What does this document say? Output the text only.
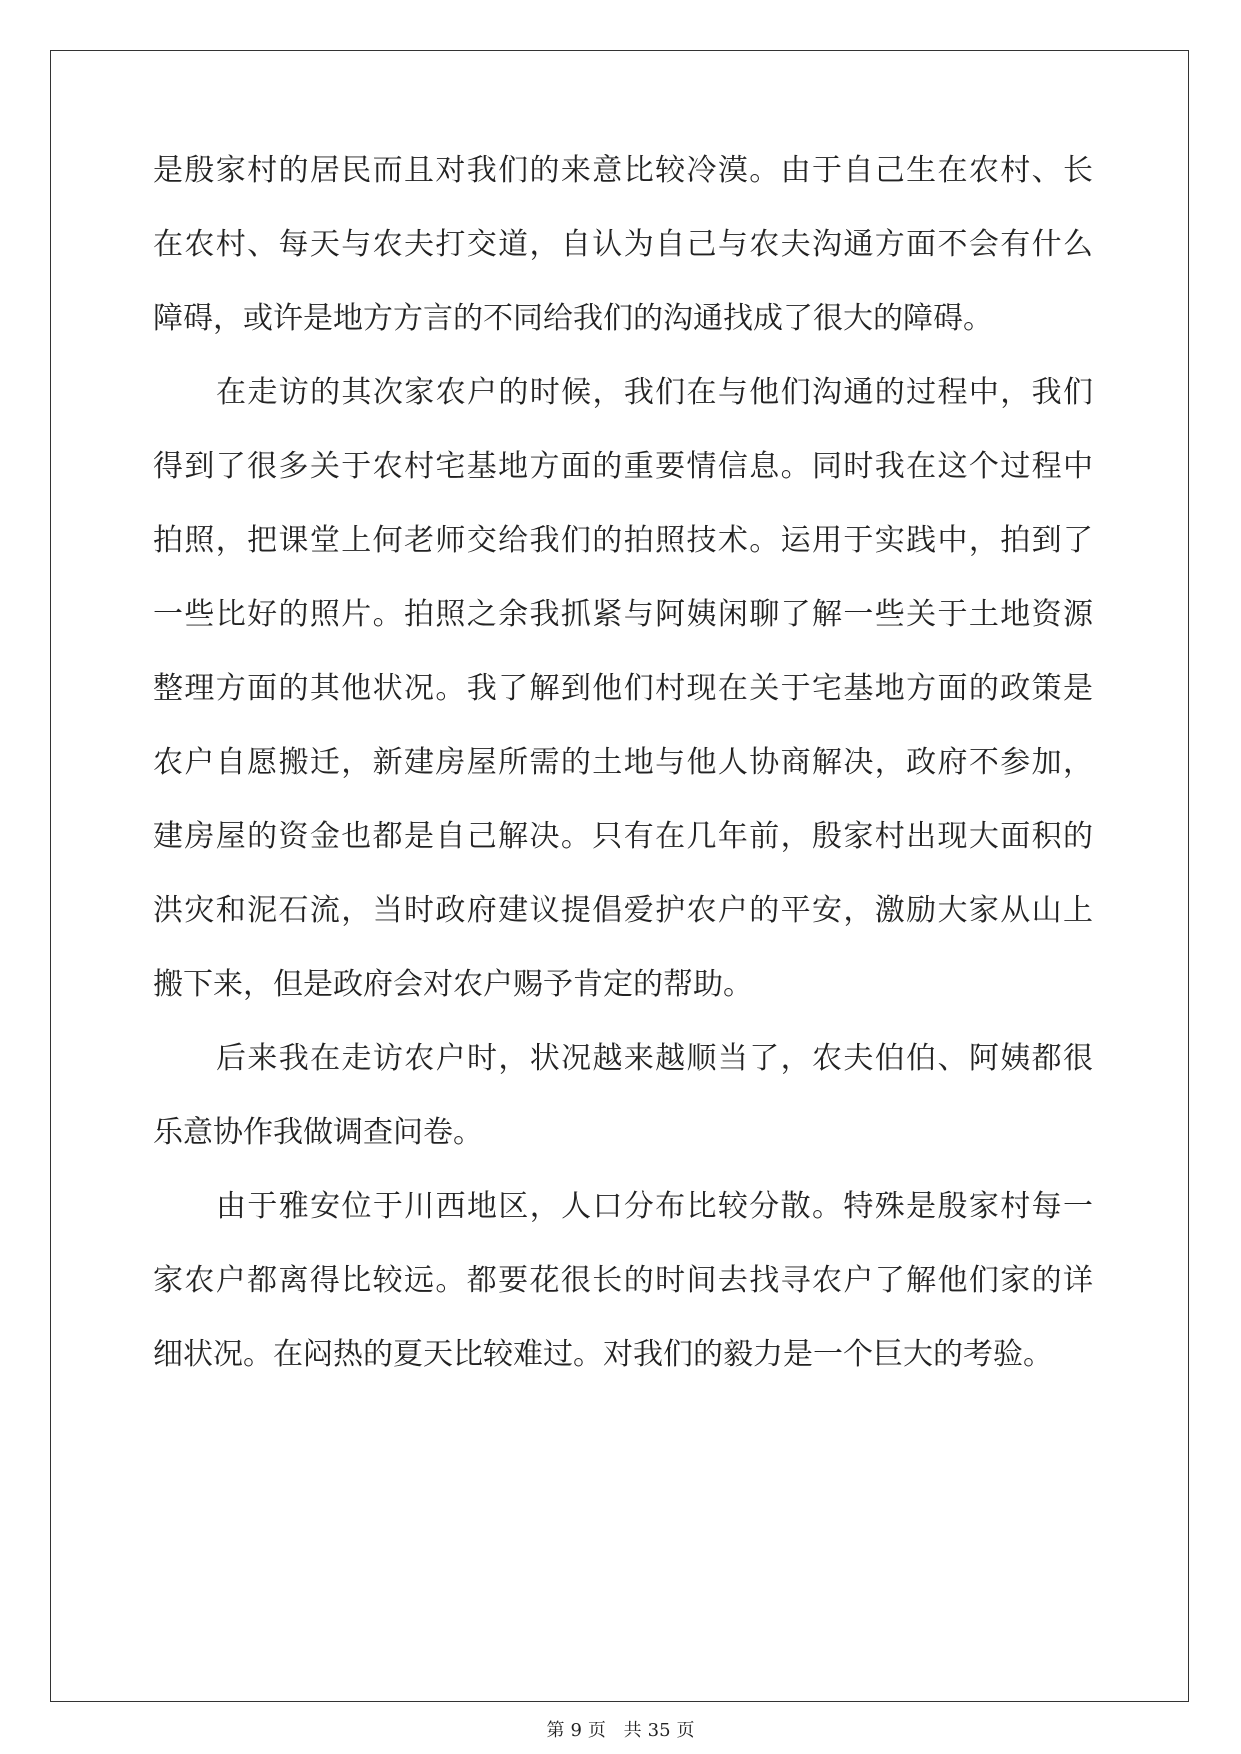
是殷家村的居民而且对我们的来意比较冷漠。由于自己生在农村、长
在农村、每天与农夫打交道，自认为自己与农夫沟通方面不会有什么
障碍，或许是地方方言的不同给我们的沟通找成了很大的障碍。
在走访的其次家农户的时候，我们在与他们沟通的过程中，我们
得到了很多关于农村宅基地方面的重要情信息。同时我在这个过程中
拍照，把课堂上何老师交给我们的拍照技术。运用于实践中，拍到了
一些比好的照片。拍照之余我抓紧与阿姨闲聊了解一些关于土地资源
整理方面的其他状况。我了解到他们村现在关于宅基地方面的政策是
农户自愿搬迁，新建房屋所需的土地与他人协商解决，政府不参加，
建房屋的资金也都是自己解决。只有在几年前，殷家村出现大面积的
洪灾和泥石流，当时政府建议提倡爱护农户的平安，激励大家从山上
搬下来，但是政府会对农户赐予肯定的帮助。
后来我在走访农户时，状况越来越顺当了，农夫伯伯、阿姨都很
乐意协作我做调查问卷。
由于雅安位于川西地区，人口分布比较分散。特殊是殷家村每一
家农户都离得比较远。都要花很长的时间去找寻农户了解他们家的详
细状况。在闷热的夏天比较难过。对我们的毅力是一个巨大的考验。
第 9 页 共 35 页
